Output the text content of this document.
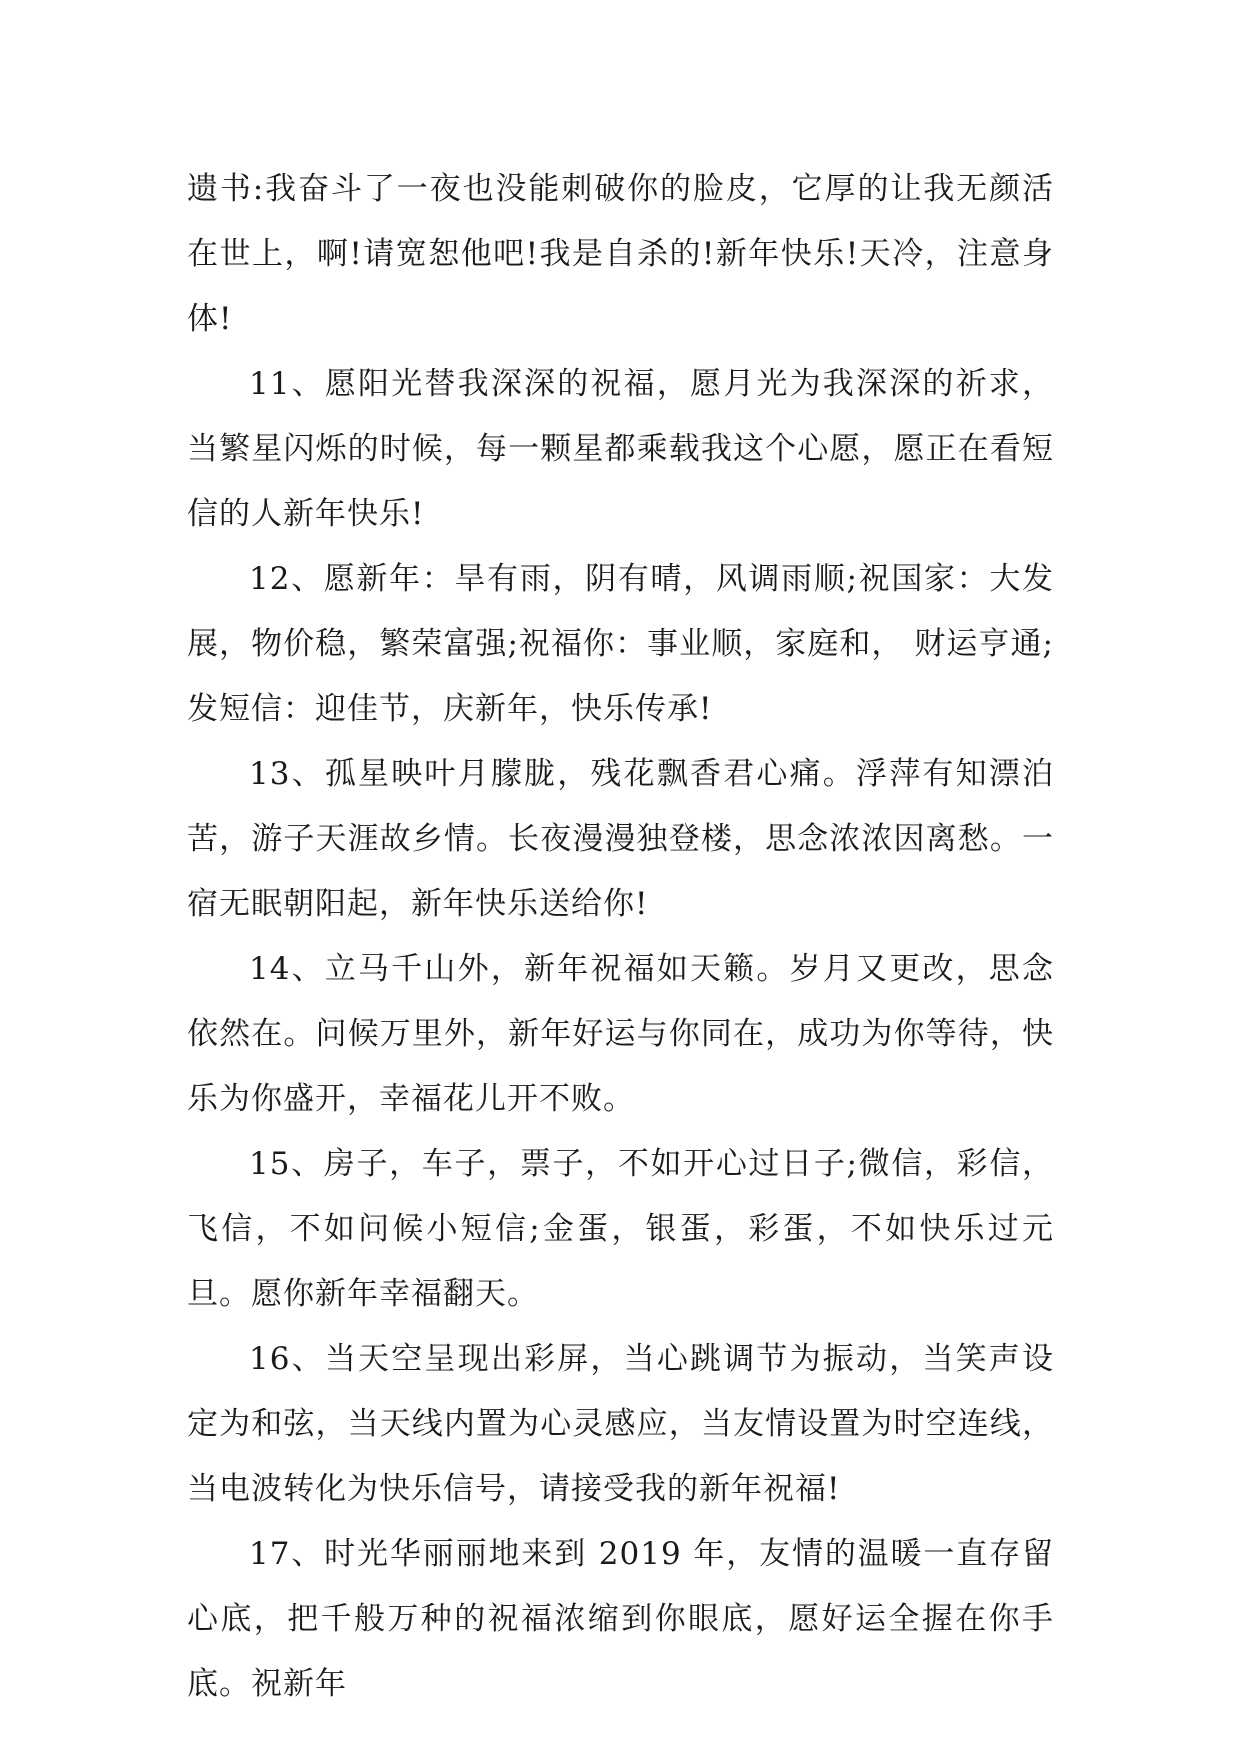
遗书:我奋斗了一夜也没能刺破你的脸皮，它厚的让我无颜活在世上，啊!请宽恕他吧!我是自杀的!新年快乐!天冷，注意身体!

11、愿阳光替我深深的祝福，愿月光为我深深的祈求，当繁星闪烁的时候，每一颗星都乘载我这个心愿，愿正在看短信的人新年快乐!

12、愿新年：旱有雨，阴有晴，风调雨顺;祝国家：大发展，物价稳，繁荣富强;祝福你：事业顺，家庭和， 财运亨通;发短信：迎佳节，庆新年，快乐传承!

13、孤星映叶月朦胧，残花飘香君心痛。浮萍有知漂泊苦，游子天涯故乡情。长夜漫漫独登楼，思念浓浓因离愁。一宿无眠朝阳起，新年快乐送给你!

14、立马千山外，新年祝福如天籁。岁月又更改，思念依然在。问候万里外，新年好运与你同在，成功为你等待，快乐为你盛开，幸福花儿开不败。

15、房子，车子，票子，不如开心过日子;微信，彩信，飞信，不如问候小短信;金蛋，银蛋，彩蛋，不如快乐过元旦。愿你新年幸福翻天。

16、当天空呈现出彩屏，当心跳调节为振动，当笑声设定为和弦，当天线内置为心灵感应，当友情设置为时空连线，当电波转化为快乐信号，请接受我的新年祝福!

17、时光华丽丽地来到 2019 年，友情的温暖一直存留心底，把千般万种的祝福浓缩到你眼底，愿好运全握在你手底。祝新年
